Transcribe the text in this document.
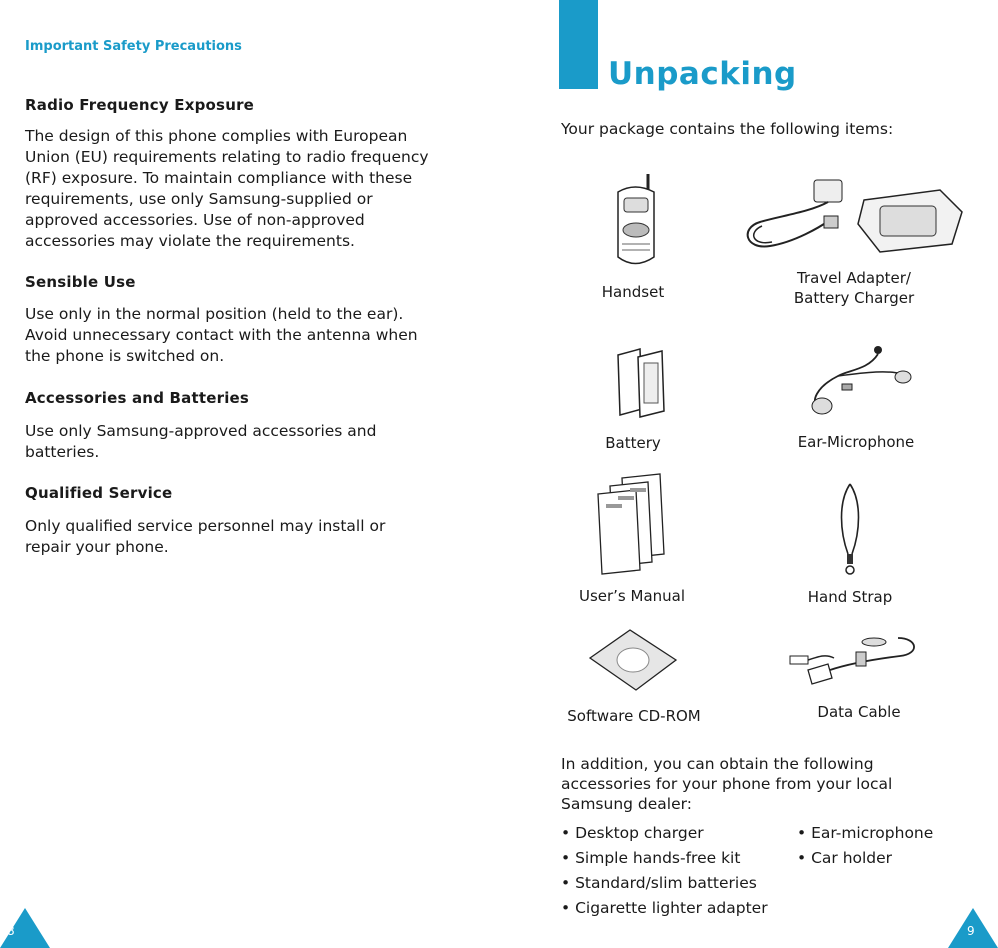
Important Safety Precautions
Radio Frequency Exposure
The design of this phone complies with European
Union (EU) requirements relating to radio frequency
(RF) exposure. To maintain compliance with these
requirements, use only Samsung-supplied or
approved accessories. Use of non-approved
accessories may violate the requirements.
Sensible Use
Use only in the normal position (held to the ear).
Avoid unnecessary contact with the antenna when
the phone is switched on.
Accessories and Batteries
Use only Samsung-approved accessories and
batteries.
Qualified Service
Only qualified service personnel may install or
repair your phone.
8
Unpacking
Your package contains the following items:
Handset
Travel Adapter/
Battery Charger
Battery	Ear-Microphone
User’s Manual	Hand Strap
Software CD-ROM	Data Cable
In addition, you can obtain the following
accessories for your phone from your local
Samsung dealer:
• Desktop charger
• Simple hands-free kit
• Standard/slim batteries
• Cigarette lighter adapter
• Ear-microphone
• Car holder
9
